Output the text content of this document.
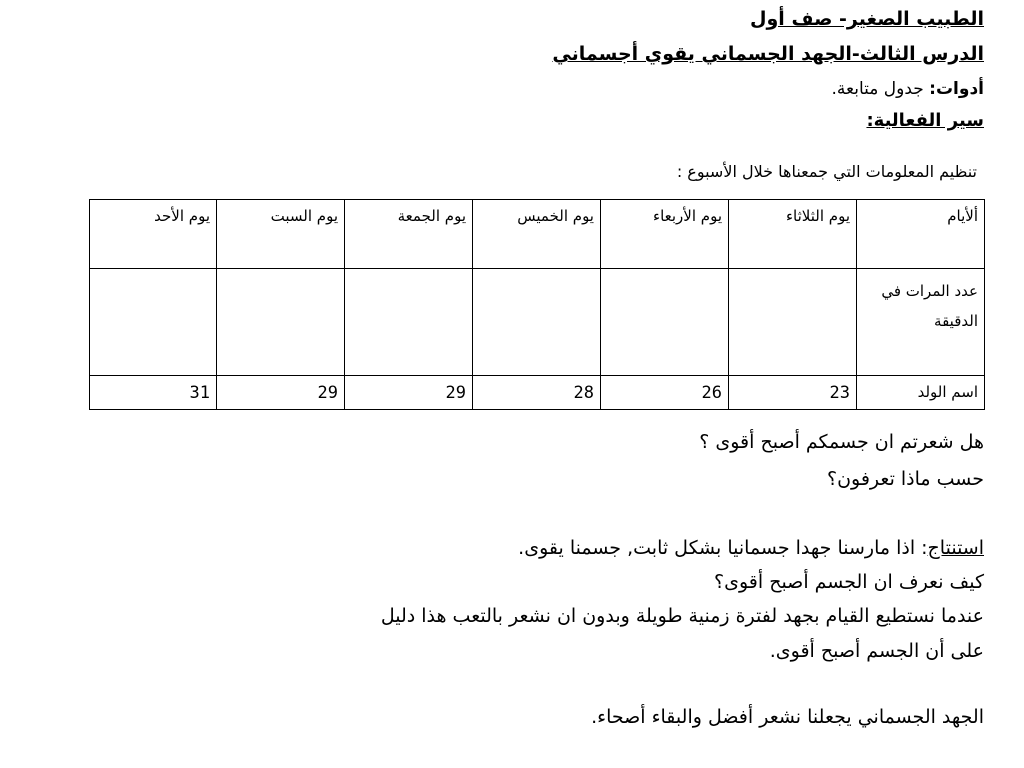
الطبيب الصغير- صف أول
الدرس الثالث-الجهد الجسماني يقوي أجسماني
أدوات: جدول متابعة.
سير الفعالية:
تنظيم المعلومات التي جمعناها خلال الأسبوع :
ألأيام	يوم الثلاثاء	يوم الأربعاء	يوم الخميس	يوم الجمعة	يوم السبت	يوم الأحد
عدد المرات في الدقيقة						
اسم الولد	23	26	28	29	29	31
هل شعرتم ان جسمكم أصبح أقوى ؟
حسب ماذا تعرفون؟
استنتاج: اذا مارسنا جهدا جسمانيا بشكل ثابت, جسمنا يقوى.
كيف نعرف ان الجسم أصبح أقوى؟
عندما نستطيع القيام بجهد لفترة زمنية طويلة وبدون ان نشعر بالتعب هذا دليل
على أن الجسم أصبح أقوى.
الجهد الجسماني يجعلنا نشعر أفضل والبقاء أصحاء.
